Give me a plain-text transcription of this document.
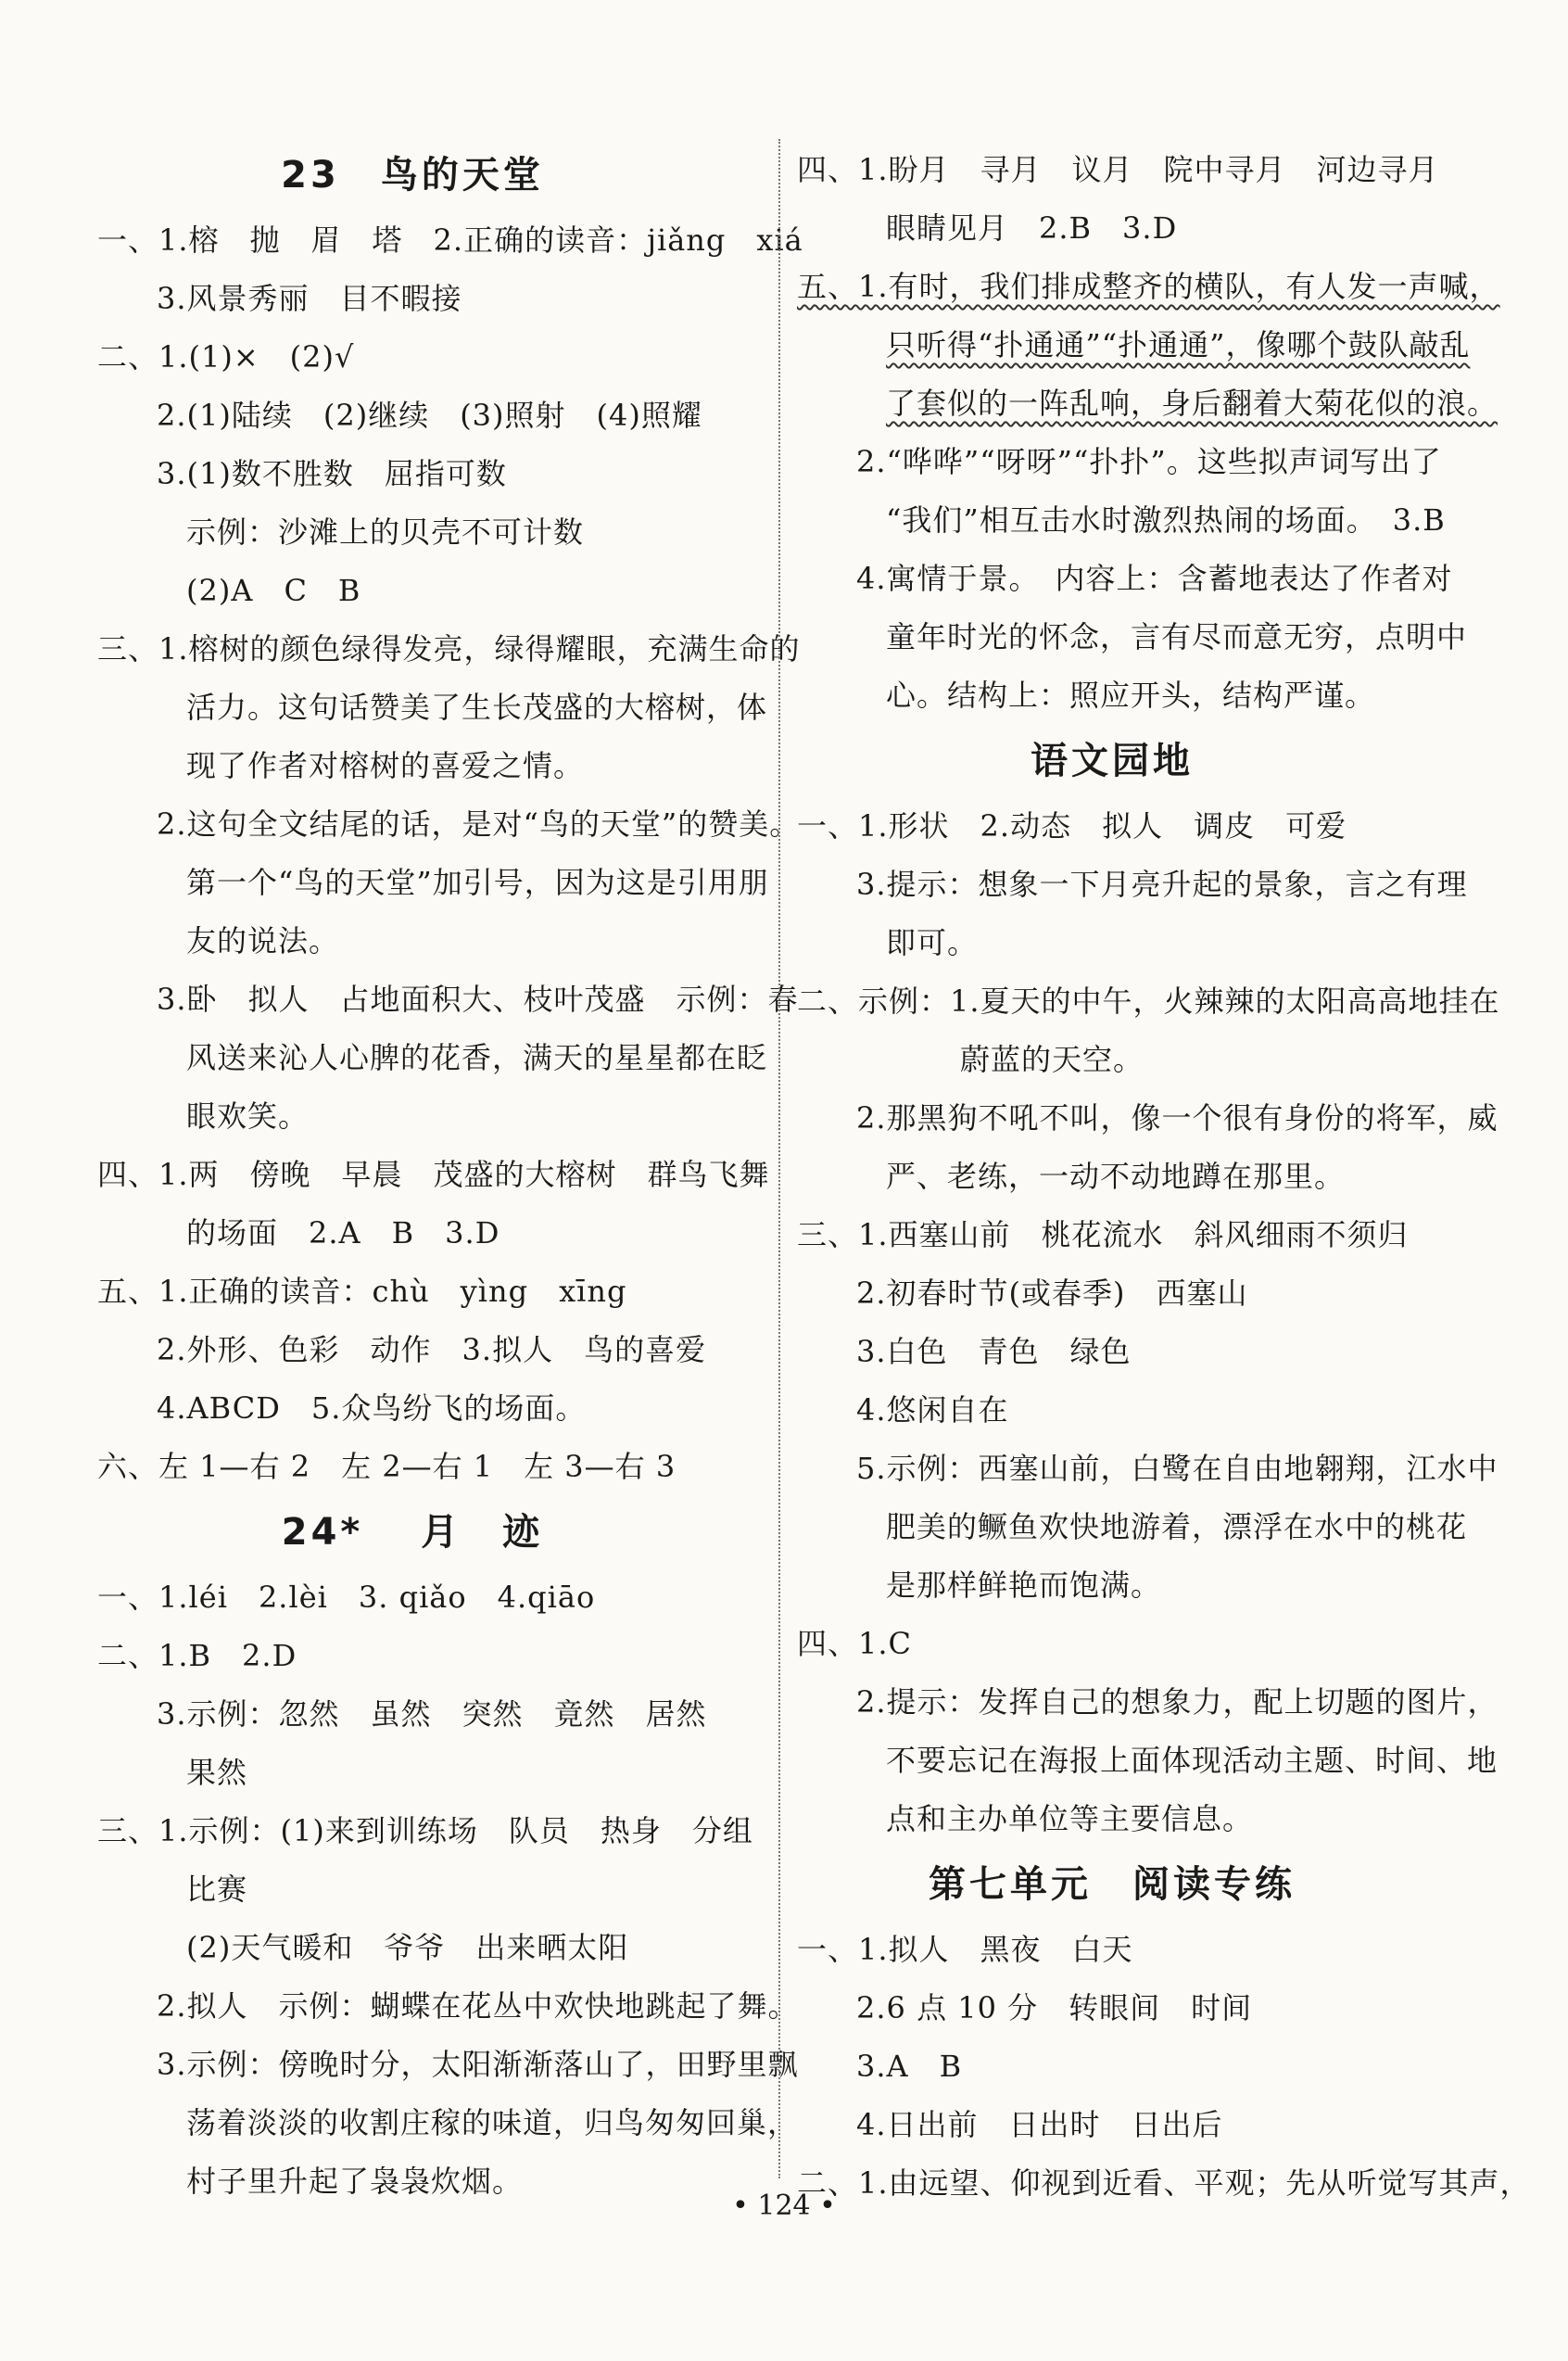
23　鸟的天堂
一、1.榕　抛　眉　塔　2.正确的读音：jiǎng　xiá
3.风景秀丽　目不暇接
二、1.(1)×　(2)√
2.(1)陆续　(2)继续　(3)照射　(4)照耀
3.(1)数不胜数　屈指可数
示例：沙滩上的贝壳不可计数
(2)A　C　B
三、1.榕树的颜色绿得发亮，绿得耀眼，充满生命的
活力。这句话赞美了生长茂盛的大榕树，体
现了作者对榕树的喜爱之情。
2.这句全文结尾的话，是对“鸟的天堂”的赞美。
第一个“鸟的天堂”加引号，因为这是引用朋
友的说法。
3.卧　拟人　占地面积大、枝叶茂盛　示例：春
风送来沁人心脾的花香，满天的星星都在眨
眼欢笑。
四、1.两　傍晚　早晨　茂盛的大榕树　群鸟飞舞
的场面　2.A　B　3.D
五、1.正确的读音：chù　yìng　xīng
2.外形、色彩　动作　3.拟人　鸟的喜爱
4.ABCD　5.众鸟纷飞的场面。
六、左 1—右 2　左 2—右 1　左 3—右 3
24* 　月　迹
一、1.léi　2.lèi　3. qiǎo　4.qiāo
二、1.B　2.D
3.示例：忽然　虽然　突然　竟然　居然
果然
三、1.示例：(1)来到训练场　队员　热身　分组
比赛
(2)天气暖和　爷爷　出来晒太阳
2.拟人　示例：蝴蝶在花丛中欢快地跳起了舞。
3.示例：傍晚时分，太阳渐渐落山了，田野里飘
荡着淡淡的收割庄稼的味道，归鸟匆匆回巢，
村子里升起了袅袅炊烟。
四、1.盼月　寻月　议月　院中寻月　河边寻月
眼睛见月　2.B　3.D
五、1.有时，我们排成整齐的横队，有人发一声喊，
只听得“扑通通”“扑通通”，像哪个鼓队敲乱
了套似的一阵乱响，身后翻着大菊花似的浪。
2.“哗哗”“呀呀”“扑扑”。这些拟声词写出了
“我们”相互击水时激烈热闹的场面。　3.B
4.寓情于景。　内容上：含蓄地表达了作者对
童年时光的怀念，言有尽而意无穷，点明中
心。结构上：照应开头，结构严谨。
语文园地
一、1.形状　2.动态　拟人　调皮　可爱
3.提示：想象一下月亮升起的景象，言之有理
即可。
二、示例：1.夏天的中午，火辣辣的太阳高高地挂在
蔚蓝的天空。
2.那黑狗不吼不叫，像一个很有身份的将军，威
严、老练，一动不动地蹲在那里。
三、1.西塞山前　桃花流水　斜风细雨不须归
2.初春时节(或春季)　西塞山
3.白色　青色　绿色
4.悠闲自在
5.示例：西塞山前，白鹭在自由地翱翔，江水中
肥美的鳜鱼欢快地游着，漂浮在水中的桃花
是那样鲜艳而饱满。
四、1.C
2.提示：发挥自己的想象力，配上切题的图片，
不要忘记在海报上面体现活动主题、时间、地
点和主办单位等主要信息。
第七单元　阅读专练
一、1.拟人　黑夜　白天
2.6 点 10 分　转眼间　时间
3.A　B
4.日出前　日出时　日出后
二、1.由远望、仰视到近看、平观；先从听觉写其声，
• 124 •
